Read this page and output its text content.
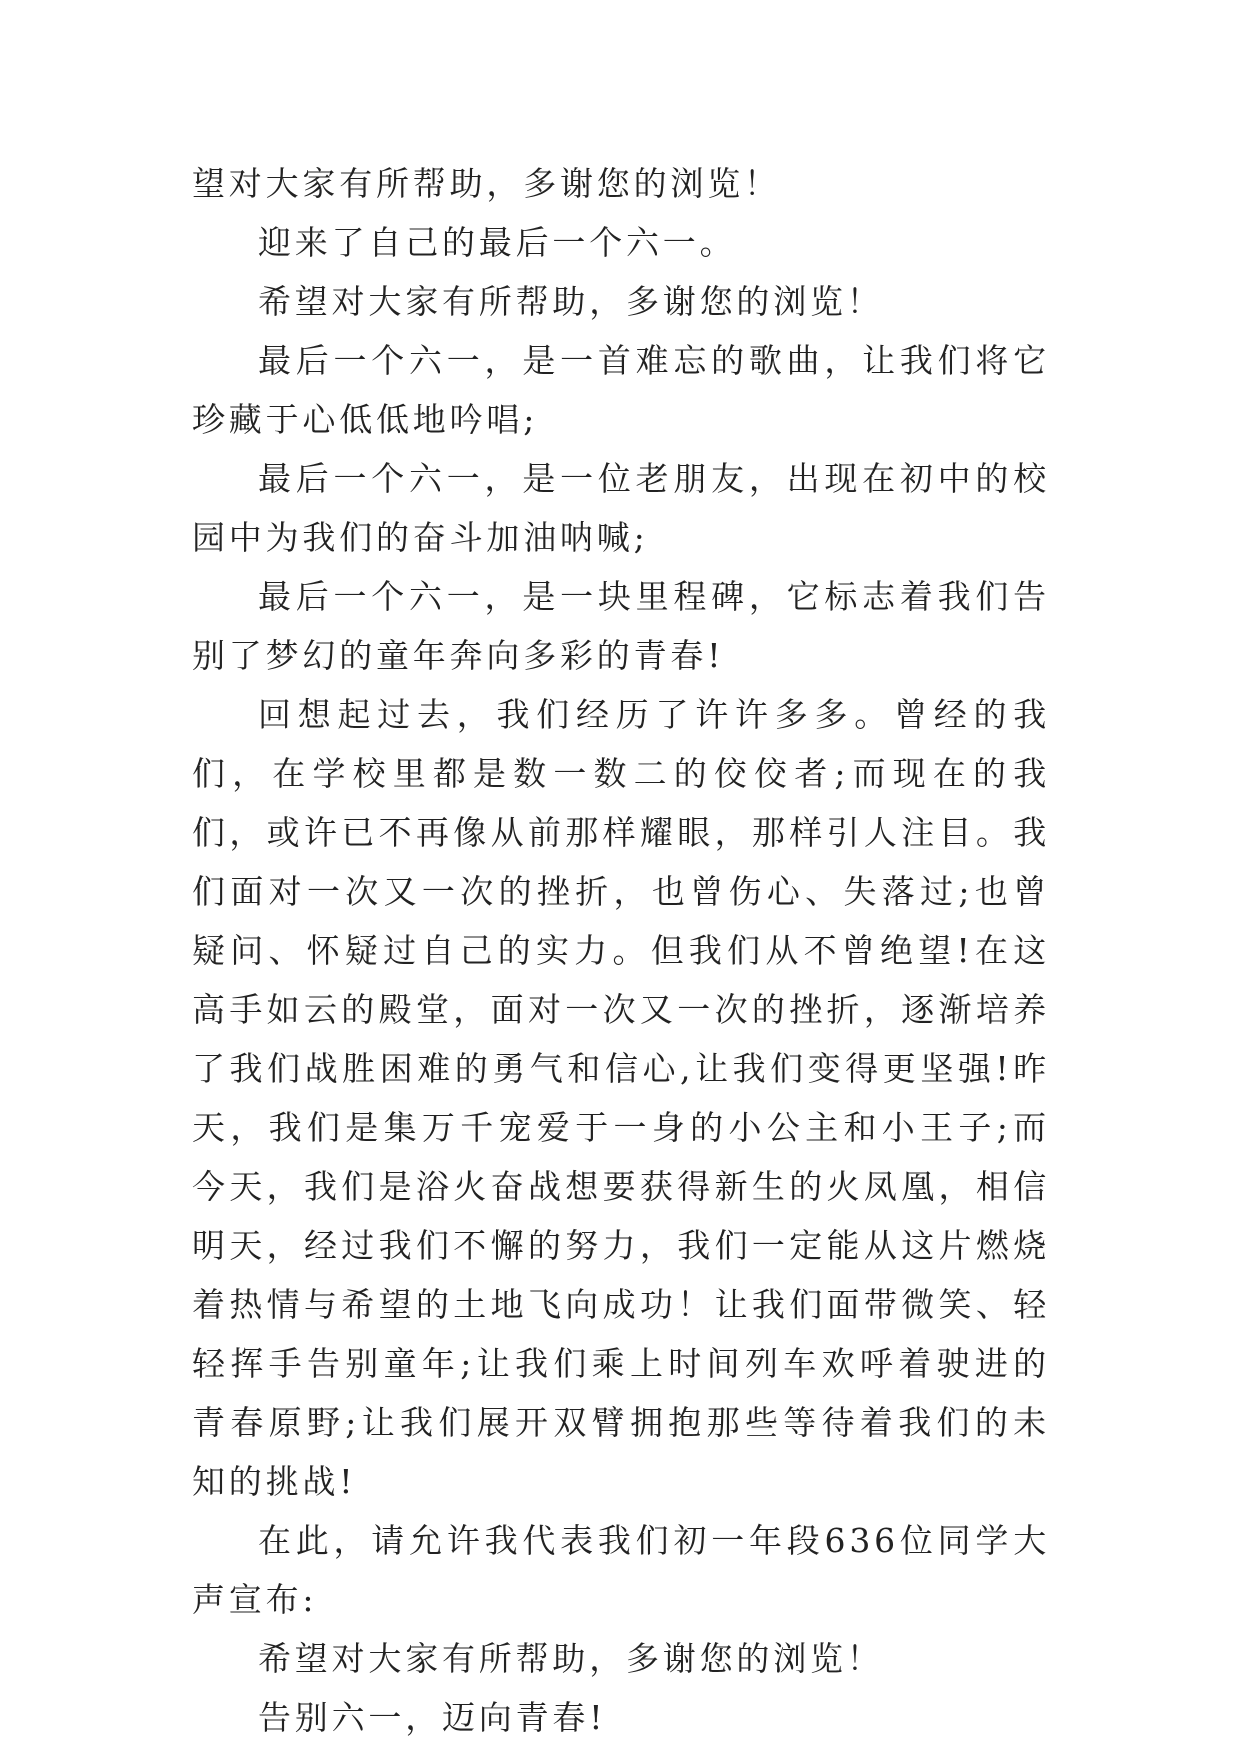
望对大家有所帮助，多谢您的浏览！

迎来了自己的最后一个六一。

希望对大家有所帮助，多谢您的浏览！

最后一个六一，是一首难忘的歌曲，让我们将它珍藏于心低低地吟唱;

最后一个六一，是一位老朋友，出现在初中的校园中为我们的奋斗加油呐喊;

最后一个六一，是一块里程碑，它标志着我们告别了梦幻的童年奔向多彩的青春!

回想起过去，我们经历了许许多多。曾经的我们，在学校里都是数一数二的佼佼者;而现在的我们，或许已不再像从前那样耀眼，那样引人注目。我们面对一次又一次的挫折，也曾伤心、失落过;也曾疑问、怀疑过自己的实力。但我们从不曾绝望!在这高手如云的殿堂，面对一次又一次的挫折，逐渐培养了我们战胜困难的勇气和信心,让我们变得更坚强!昨天，我们是集万千宠爱于一身的小公主和小王子;而今天，我们是浴火奋战想要获得新生的火凤凰，相信明天，经过我们不懈的努力，我们一定能从这片燃烧着热情与希望的土地飞向成功！让我们面带微笑、轻轻挥手告别童年;让我们乘上时间列车欢呼着驶进的青春原野;让我们展开双臂拥抱那些等待着我们的未知的挑战!

在此，请允许我代表我们初一年段636位同学大声宣布:

希望对大家有所帮助，多谢您的浏览！

告别六一，迈向青春!
